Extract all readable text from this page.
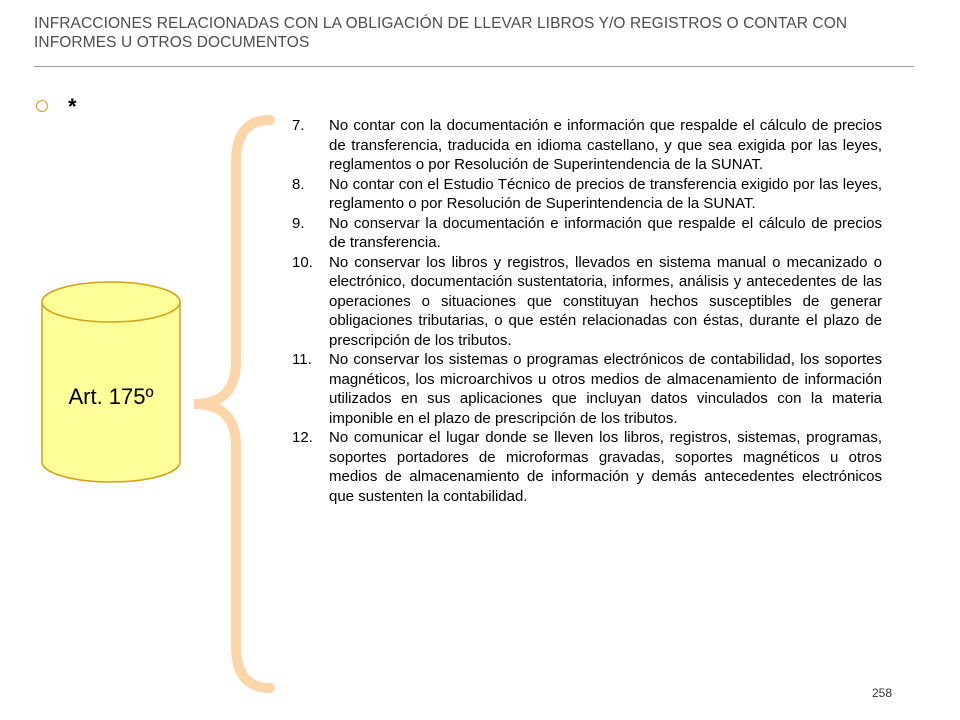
INFRACCIONES RELACIONADAS CON LA OBLIGACIÓN DE LLEVAR LIBROS Y/O REGISTROS O CONTAR CON INFORMES U OTROS DOCUMENTOS
*
Art. 175º
7.	No contar con la documentación e información que respalde el cálculo de precios de transferencia, traducida en idioma castellano, y que sea exigida por las leyes, reglamentos o por Resolución de Superintendencia de la SUNAT.
8.	No contar con el Estudio Técnico de precios de transferencia exigido por las leyes, reglamento o por Resolución de Superintendencia de la SUNAT.
9.	No conservar la documentación e información que respalde el cálculo de precios de transferencia.
10.	No conservar los libros y registros, llevados en sistema manual o mecanizado o electrónico, documentación sustentatoria, informes, análisis y antecedentes de las operaciones o situaciones que constituyan hechos susceptibles de generar obligaciones tributarias, o que estén relacionadas con éstas, durante el plazo de prescripción de los tributos.
11.	No conservar los sistemas o programas electrónicos de contabilidad, los soportes magnéticos, los microarchivos u otros medios de almacenamiento de información utilizados en sus aplicaciones que incluyan datos vinculados con la materia imponible en el plazo de prescripción de los tributos.
12.	No comunicar el lugar donde se lleven los libros, registros, sistemas, programas, soportes portadores de microformas gravadas, soportes magnéticos u otros medios de almacenamiento de información y demás antecedentes electrónicos que sustenten la contabilidad.
258
